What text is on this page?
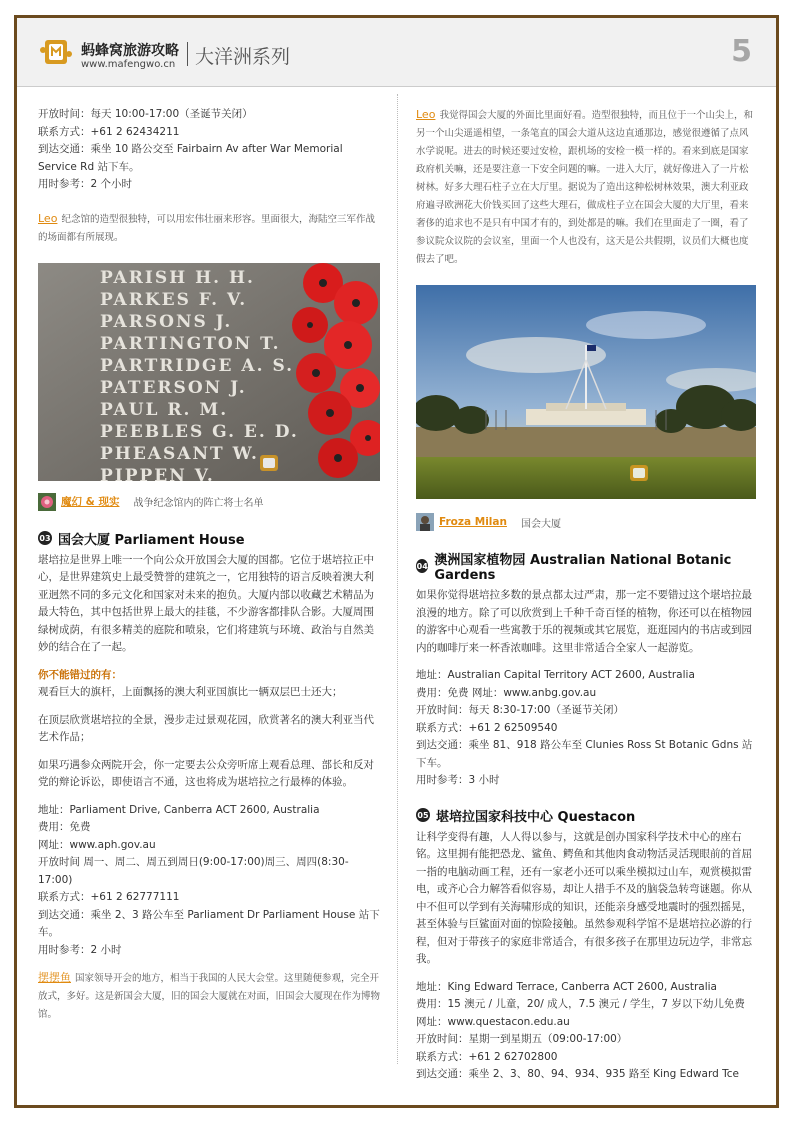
蚂蜂窝旅游攻略
www.mafengwo.cn 大洋洲系列	5

开放时间：每天 10:00-17:00（圣诞节关闭）

联系方式：+61 2 62434211

到达交通：乘坐 10 路公交至 Fairbairn Av after War Memorial Service Rd 站下车。

用时参考：2 个小时

Leo 纪念馆的造型很独特，可以用宏伟壮丽来形容。里面很大，海陆空三军作战的场面都有所展现。

PARISH H. H.
PARKES F. V.
PARSONS J.
PARTINGTON T.
PARTRIDGE A. S.
PATERSON J.
PAUL R. M.
PEEBLES G. E. D.
PHEASANT W.
PIPPEN V.
魔幻 & 现实 战争纪念馆内的阵亡将士名单
03 国会大厦 Parliament House

堪培拉是世界上唯一一个向公众开放国会大厦的国都。它位于堪培拉正中心，是世界建筑史上最受赞誉的建筑之一，它用独特的语言反映着澳大利亚迥然不同的多元文化和国家对未来的抱负。大厦内部以收藏艺术精品为最大特色，其中包括世界上最大的挂毯，不少游客都排队合影。大厦周围绿树成荫，有很多精美的庭院和喷泉，它们将建筑与环境、政治与自然美妙的结合在了一起。

你不能错过的有：

观看巨大的旗杆，上面飘扬的澳大利亚国旗比一辆双层巴士还大；

在顶层欣赏堪培拉的全景，漫步走过景观花园，欣赏著名的澳大利亚当代艺术作品；

如果巧遇参众两院开会，你一定要去公众旁听席上观看总理、部长和反对党的辩论诉讼，即使语言不通，这也将成为堪培拉之行最棒的体验。

地址：Parliament Drive, Canberra ACT 2600, Australia

费用：免费

网址：www.aph.gov.au

开放时间 周一、周二、周五到周日(9:00-17:00)周三、周四(8:30-17:00)

联系方式：+61 2 62777111

到达交通：乘坐 2、3 路公车至 Parliament Dr Parliament House 站下车。

用时参考：2 小时

摆摆鱼 国家领导开会的地方，相当于我国的人民大会堂。这里随便参观，完全开放式，多好。这是新国会大厦，旧的国会大厦就在对面，旧国会大厦现在作为博物馆。

Leo 我觉得国会大厦的外面比里面好看。造型很独特，而且位于一个山尖上，和另一个山尖遥遥相望，一条笔直的国会大道从这边直通那边，感觉很遵循了点风水学说呢。进去的时候还要过安检，跟机场的安检一模一样的。看来到底是国家政府机关嘛，还是要注意一下安全问题的嘛。一进入大厅，就好像进入了一片松树林。好多大理石柱子立在大厅里。据说为了造出这种松树林效果，澳大利亚政府遍寻欧洲花大价钱买回了这些大理石，做成柱子立在国会大厦的大厅里，看来奢侈的追求也不是只有中国才有的，到处都是的嘛。我们在里面走了一圈，看了参议院众议院的会议室，里面一个人也没有，这天是公共假期，议员们大概也度假去了吧。

Froza Milan 国会大厦
04 澳洲国家植物园 Australian National Botanic Gardens

如果你觉得堪培拉多数的景点都太过严肃，那一定不要错过这个堪培拉最浪漫的地方。除了可以欣赏到上千种千奇百怪的植物，你还可以在植物园的游客中心观看一些寓教于乐的视频或其它展览，逛逛园内的书店或到园内的咖啡厅来一杯香浓咖啡。这里非常适合全家人一起游览。

地址：Australian Capital Territory ACT 2600, Australia

费用：免费 网址：www.anbg.gov.au

开放时间：每天 8:30-17:00（圣诞节关闭）

联系方式：+61 2 62509540

到达交通：乘坐 81、918 路公车至 Clunies Ross St Botanic Gdns 站下车。

用时参考：3 小时

05 堪培拉国家科技中心 Questacon

让科学变得有趣，人人得以参与，这就是创办国家科学技术中心的座右铭。这里拥有能把恐龙、鲨鱼、鳄鱼和其他肉食动物活灵活现眼前的首屈一指的电脑动画工程，还有一家老小还可以乘坐模拟过山车，观赏模拟雷电，或齐心合力解答看似容易，却让人措手不及的脑袋急转弯谜题。你从中不但可以学到有关海啸形成的知识，还能亲身感受地震时的强烈摇晃，甚至体验与巨鲨面对面的惊险接触。虽然参观科学馆不是堪培拉必游的行程，但对于带孩子的家庭非常适合，有很多孩子在那里边玩边学，非常忘我。

地址：King Edward Terrace, Canberra ACT 2600, Australia

费用：15 澳元 / 儿童，20/ 成人，7.5 澳元 / 学生，7 岁以下幼儿免费

网址：www.questacon.edu.au

开放时间：星期一到星期五（09:00-17:00）

联系方式：+61 2 62702800

到达交通：乘坐 2、3、80、94、934、935 路至 King Edward Tce
